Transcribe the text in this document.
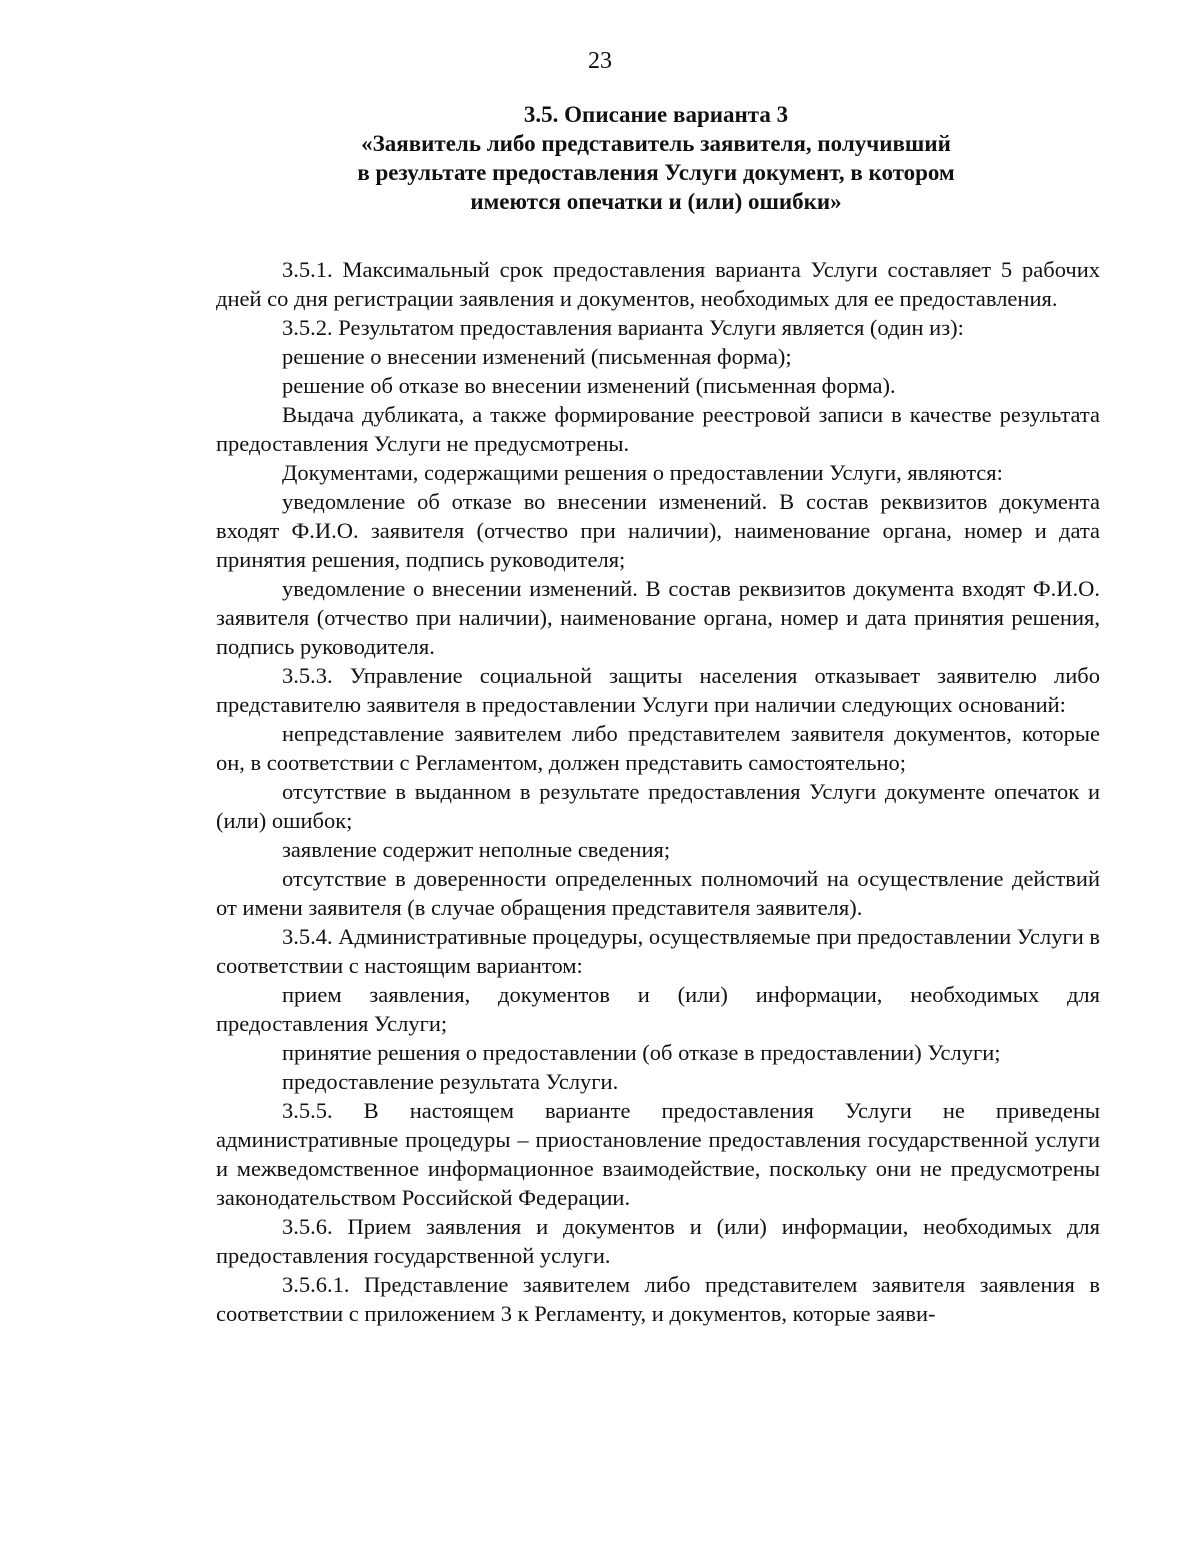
23
3.5. Описание варианта 3
«Заявитель либо представитель заявителя, получивший
в результате предоставления Услуги документ, в котором
имеются опечатки и (или) ошибки»

3.5.1. Максимальный срок предоставления варианта Услуги составляет 5 рабочих дней со дня регистрации заявления и документов, необходимых для ее предоставления.

3.5.2. Результатом предоставления варианта Услуги является (один из):

решение о внесении изменений (письменная форма);

решение об отказе во внесении изменений (письменная форма).

Выдача дубликата, а также формирование реестровой записи в качестве результата предоставления Услуги не предусмотрены.

Документами, содержащими решения о предоставлении Услуги, являются:

уведомление об отказе во внесении изменений. В состав реквизитов документа входят Ф.И.О. заявителя (отчество при наличии), наименование органа, номер и дата принятия решения, подпись руководителя;

уведомление о внесении изменений. В состав реквизитов документа входят Ф.И.О. заявителя (отчество при наличии), наименование органа, номер и дата принятия решения, подпись руководителя.

3.5.3. Управление социальной защиты населения отказывает заявителю либо представителю заявителя в предоставлении Услуги при наличии следующих оснований:

непредставление заявителем либо представителем заявителя документов, которые он, в соответствии с Регламентом, должен представить самостоятельно;

отсутствие в выданном в результате предоставления Услуги документе опечаток и (или) ошибок;

заявление содержит неполные сведения;

отсутствие в доверенности определенных полномочий на осуществление действий от имени заявителя (в случае обращения представителя заявителя).

3.5.4. Административные процедуры, осуществляемые при предоставлении Услуги в соответствии с настоящим вариантом:

прием заявления, документов и (или) информации, необходимых для предоставления Услуги;

принятие решения о предоставлении (об отказе в предоставлении) Услуги;

предоставление результата Услуги.

3.5.5. В настоящем варианте предоставления Услуги не приведены административные процедуры – приостановление предоставления государственной услуги и межведомственное информационное взаимодействие, поскольку они не предусмотрены законодательством Российской Федерации.

3.5.6. Прием заявления и документов и (или) информации, необходимых для предоставления государственной услуги.

3.5.6.1. Представление заявителем либо представителем заявителя заявления в соответствии с приложением 3 к Регламенту, и документов, которые заяви-
